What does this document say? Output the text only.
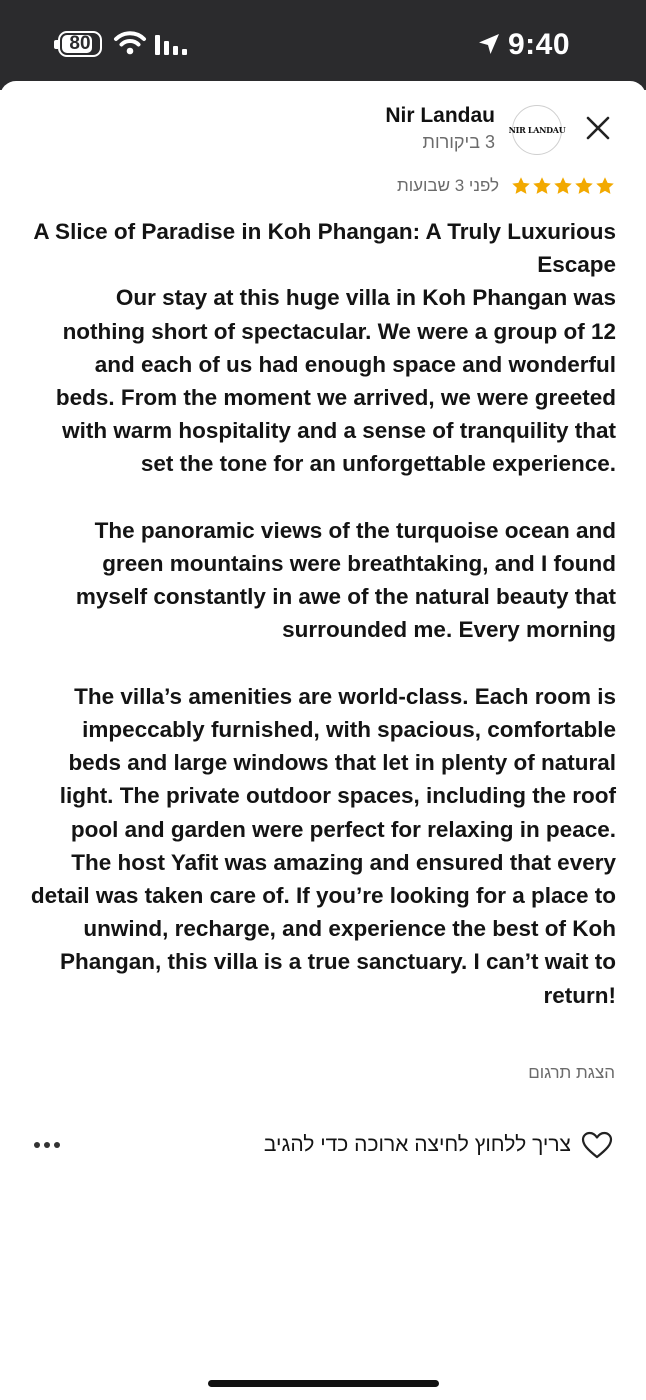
80	9:40
NIR LANDAU
Nir Landau
3 ביקורות
לפני 3 שבועות

A Slice of Paradise in Koh Phangan: A Truly Luxurious Escape

Our stay at this huge villa in Koh Phangan was nothing short of spectacular. We were a group of 12 and each of us had enough space and wonderful beds. From the moment we arrived, we were greeted with warm hospitality and a sense of tranquility that set the tone for an unforgettable experience.

The panoramic views of the turquoise ocean and green mountains were breathtaking, and I found myself constantly in awe of the natural beauty that surrounded me. Every morning

The villa’s amenities are world-class. Each room is impeccably furnished, with spacious, comfortable beds and large windows that let in plenty of natural light. The private outdoor spaces, including the roof pool and garden were perfect for relaxing in peace. The host Yafit was amazing and ensured that every detail was taken care of. If you’re looking for a place to unwind, recharge, and experience the best of Koh Phangan, this villa is a true sanctuary. I can’t wait to return!

הצגת תרגום
צריך ללחוץ לחיצה ארוכה כדי להגיב
